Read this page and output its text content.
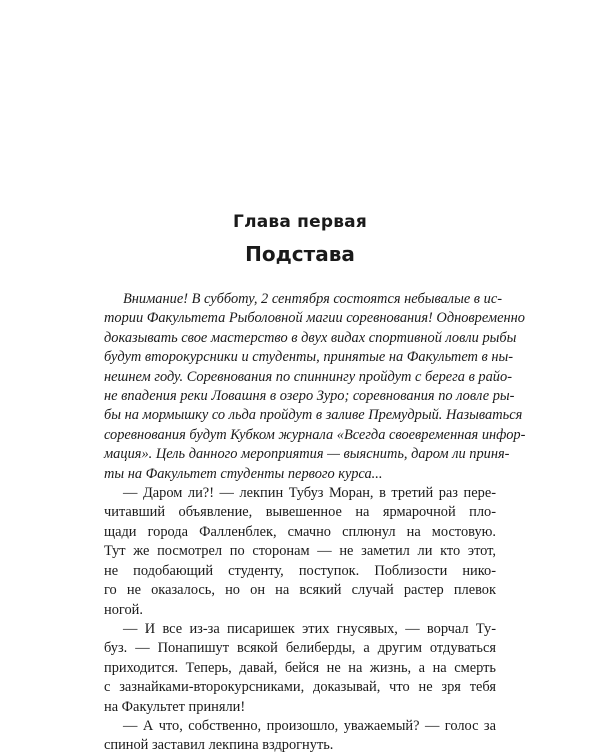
Глава первая
Подстава
Внимание! В субботу, 2 сентября состоятся небывалые в ис-
тории Факультета Рыболовной магии соревнования! Одновременно
доказывать свое мастерство в двух видах спортивной ловли рыбы
будут второкурсники и студенты, принятые на Факультет в ны-
нешнем году. Соревнования по спиннингу пройдут с берега в райо-
не впадения реки Ловашня в озеро Зуро; соревнования по ловле ры-
бы на мормышку со льда пройдут в заливе Премудрый. Называться
соревнования будут Кубком журнала «Всегда своевременная инфор-
мация». Цель данного мероприятия — выяснить, даром ли приня-
ты на Факультет студенты первого курса...
— Даром ли?! — лекпин Тубуз Моран, в третий раз пере-
читавший объявление, вывешенное на ярмарочной пло-
щади города Фалленблек, смачно сплюнул на мостовую.
Тут же посмотрел по сторонам — не заметил ли кто этот,
не подобающий студенту, поступок. Поблизости нико-
го не оказалось, но он на всякий случай растер плевок
ногой.
— И все из-за писаришек этих гнусявых, — ворчал Ту-
буз. — Понапишут всякой белиберды, а другим отдуваться
приходится. Теперь, давай, бейся не на жизнь, а на смерть
с зазнайками-второкурсниками, доказывай, что не зря тебя
на Факультет приняли!
— А что, собственно, произошло, уважаемый? — голос за
спиной заставил лекпина вздрогнуть.
